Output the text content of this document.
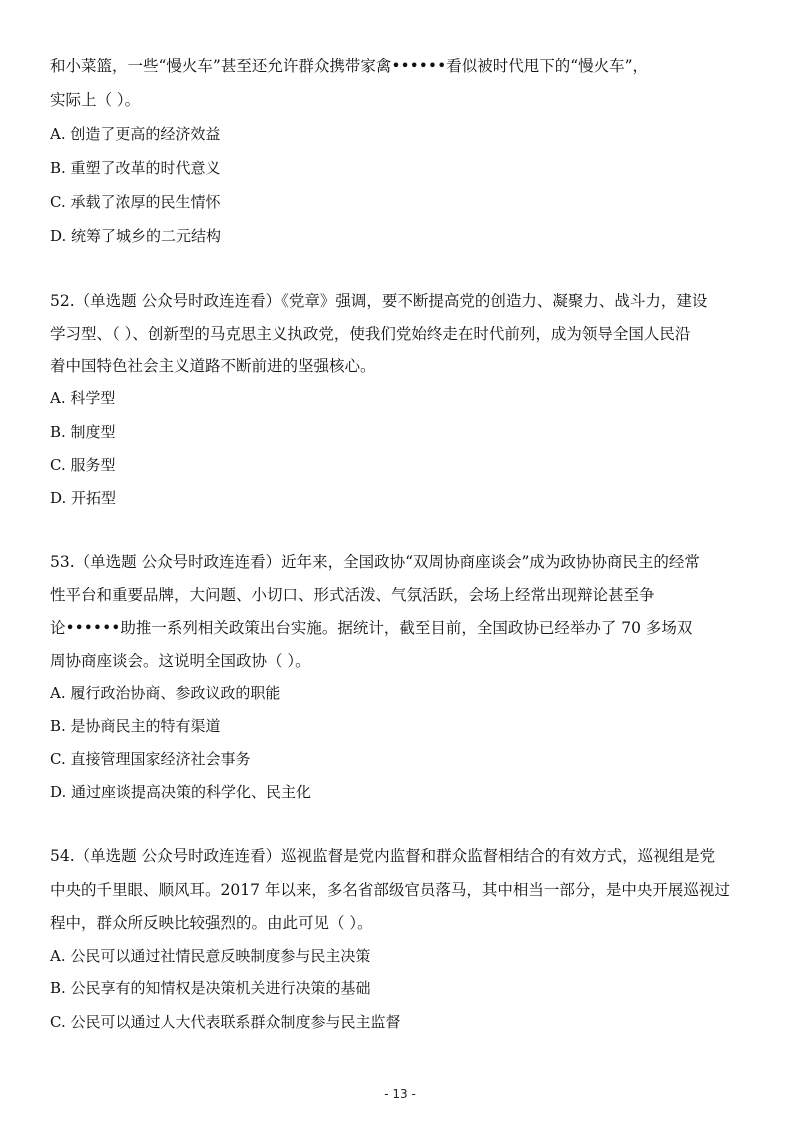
和小菜篮，一些“慢火车”甚至还允许群众携带家禽••••••看似被时代甩下的“慢火车”，
实际上（ ）。
A. 创造了更高的经济效益
B. 重塑了改革的时代意义
C. 承载了浓厚的民生情怀
D. 统筹了城乡的二元结构
52.（单选题 公众号时政连连看）《党章》强调，要不断提高党的创造力、凝聚力、战斗力，建设
学习型、（ ）、创新型的马克思主义执政党，使我们党始终走在时代前列，成为领导全国人民沿
着中国特色社会主义道路不断前进的坚强核心。
A. 科学型
B. 制度型
C. 服务型
D. 开拓型
53.（单选题 公众号时政连连看）近年来，全国政协“双周协商座谈会”成为政协协商民主的经常
性平台和重要品牌，大问题、小切口、形式活泼、气氛活跃，会场上经常出现辩论甚至争
论••••••助推一系列相关政策出台实施。据统计，截至目前，全国政协已经举办了 70 多场双
周协商座谈会。这说明全国政协（ ）。
A. 履行政治协商、参政议政的职能
B. 是协商民主的特有渠道
C. 直接管理国家经济社会事务
D. 通过座谈提高决策的科学化、民主化
54.（单选题 公众号时政连连看）巡视监督是党内监督和群众监督相结合的有效方式，巡视组是党
中央的千里眼、顺风耳。2017 年以来，多名省部级官员落马，其中相当一部分，是中央开展巡视过
程中，群众所反映比较强烈的。由此可见（ ）。
A. 公民可以通过社情民意反映制度参与民主决策
B. 公民享有的知情权是决策机关进行决策的基础
C. 公民可以通过人大代表联系群众制度参与民主监督
- 13 -
